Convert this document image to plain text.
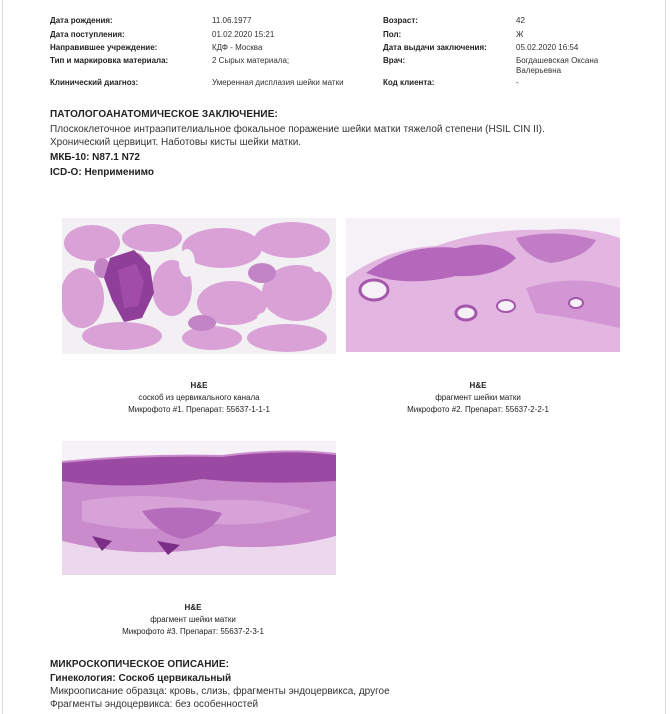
Дата рождения:	11.06.1977	Возраст:	42
Дата поступления:	01.02.2020 15:21	Пол:	Ж
Направившее учреждение:	КДФ - Москва	Дата выдачи заключения:	05.02.2020 16:54
Тип и маркировка материала:	2 Сырых материала;	Врач:	Богдашевская Оксана
Валерьевна
Клинический диагноз:	Умеренная дисплазия шейки матки	Код клиента:	-
ПАТОЛОГОАНАТОМИЧЕСКОЕ ЗАКЛЮЧЕНИЕ:
Плоскоклеточное интраэпителиальное фокальное поражение шейки матки тяжелой степени (HSIL CIN II).
Хронический цервицит. Наботовы кисты шейки матки.
МКБ-10: N87.1 N72
ICD-O: Неприменимо
H&E
соскоб из цервикального канала
Микрофото #1. Препарат: 55637-1-1-1
H&E
фрагмент шейки матки
Микрофото #2. Препарат: 55637-2-2-1
H&E
фрагмент шейки матки
Микрофото #3. Препарат: 55637-2-3-1
МИКРОСКОПИЧЕСКОЕ ОПИСАНИЕ:
Гинекология: Соскоб цервикальный
Микроописание образца: кровь, слизь, фрагменты эндоцервикса, другое
Фрагменты эндоцервикса: без особенностей
